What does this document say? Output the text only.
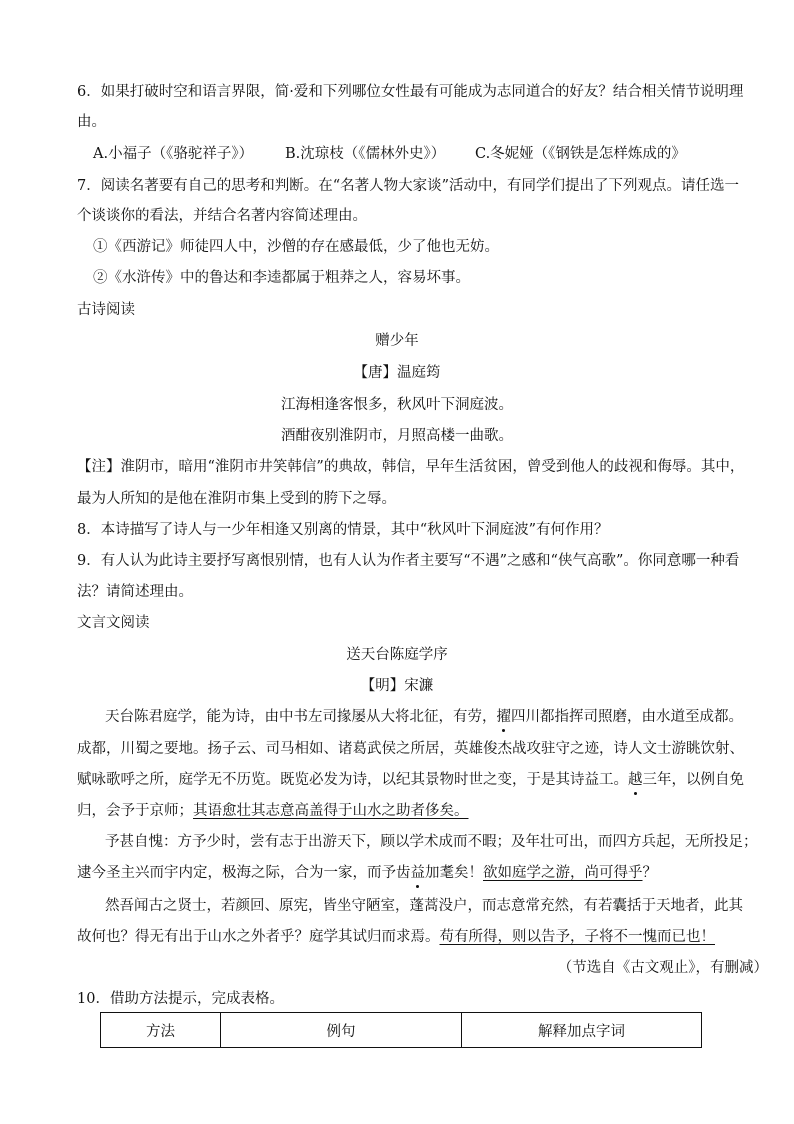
6．如果打破时空和语言界限，简·爱和下列哪位女性最有可能成为志同道合的好友？结合相关情节说明理
由。
A.小福子（《骆驼祥子》） B.沈琼枝（《儒林外史》） C.冬妮娅（《钢铁是怎样炼成的》
7．阅读名著要有自己的思考和判断。在“名著人物大家谈”活动中，有同学们提出了下列观点。请任选一
个谈谈你的看法，并结合名著内容简述理由。
①《西游记》师徒四人中，沙僧的存在感最低，少了他也无妨。
②《水浒传》中的鲁达和李逵都属于粗莽之人，容易坏事。
古诗阅读
赠少年
【唐】温庭筠
江海相逢客恨多，秋风叶下洞庭波。
酒酣夜别淮阴市，月照高楼一曲歌。
【注】淮阴市，暗用“淮阴市井笑韩信”的典故，韩信，早年生活贫困，曾受到他人的歧视和侮辱。其中，
最为人所知的是他在淮阴市集上受到的胯下之辱。
8．本诗描写了诗人与一少年相逢又别离的情景，其中“秋风叶下洞庭波”有何作用？
9．有人认为此诗主要抒写离恨别情，也有人认为作者主要写“不遇”之感和“侠气高歌”。你同意哪一种看
法？请简述理由。
文言文阅读
送天台陈庭学序
【明】宋濂
天台陈君庭学，能为诗，由中书左司掾屡从大将北征，有劳，擢四川都指挥司照磨，由水道至成都。
成都，川蜀之要地。扬子云、司马相如、诸葛武侯之所居，英雄俊杰战攻驻守之迹，诗人文士游眺饮射、
赋咏歌呼之所，庭学无不历览。既览必发为诗，以纪其景物时世之变，于是其诗益工。越三年，以例自免
归，会予于京师；其语愈壮其志意高盖得于山水之助者侈矣。
予甚自愧：方予少时，尝有志于出游天下，顾以学术成而不暇；及年壮可出，而四方兵起，无所投足；
逮今圣主兴而宇内定，极海之际，合为一家，而予齿益加耄矣！欲如庭学之游，尚可得乎？
然吾闻古之贤士，若颜回、原宪，皆坐守陋室，蓬蒿没户，而志意常充然，有若囊括于天地者，此其
故何也？得无有出于山水之外者乎？庭学其试归而求焉。苟有所得，则以告予，子将不一愧而已也！
（节选自《古文观止》，有删减）
10．借助方法提示，完成表格。
方法	例句	解释加点字词
